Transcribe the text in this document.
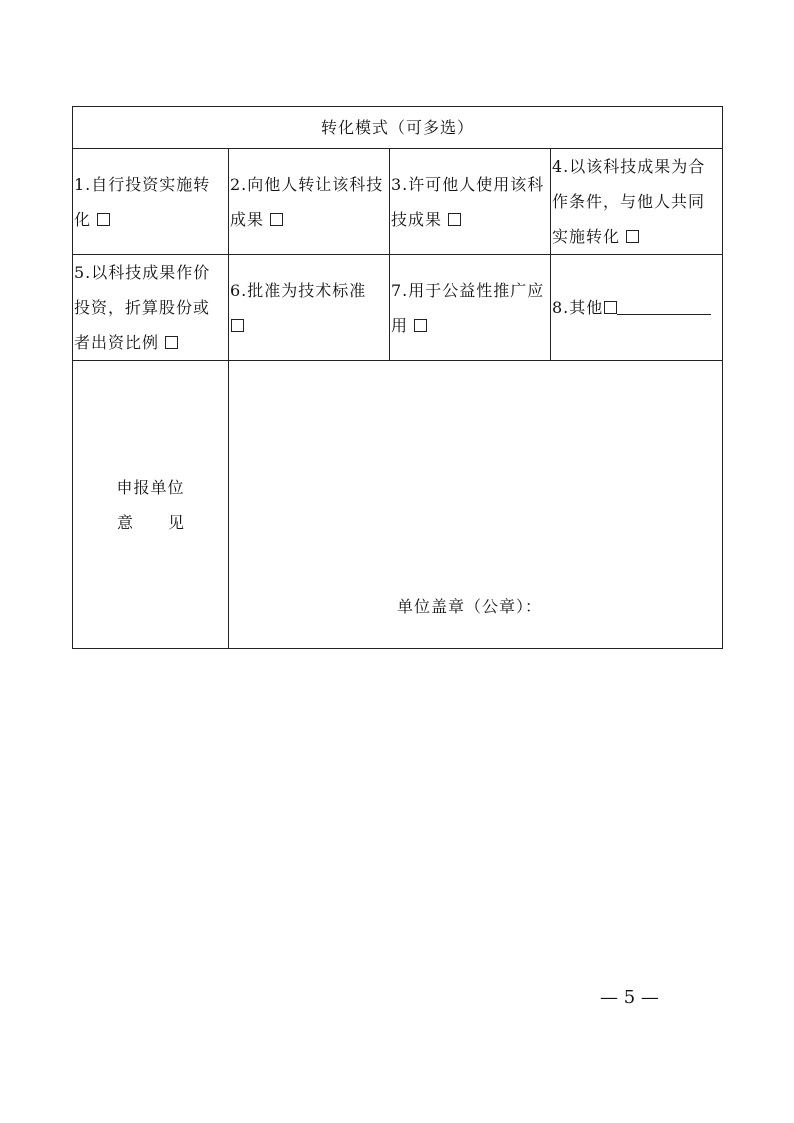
转化模式（可多选）			
1.自行投资实施转化	2.向他人转让该科技成果	3.许可他人使用该科技成果	4.以该科技成果为合作条件，与他人共同实施转化
5.以科技成果作价投资，折算股份或者出资比例	6.批准为技术标准	7.用于公益性推广应用	8.其他

申报单位
意见	单位盖章（公章）：		
— 5 —
